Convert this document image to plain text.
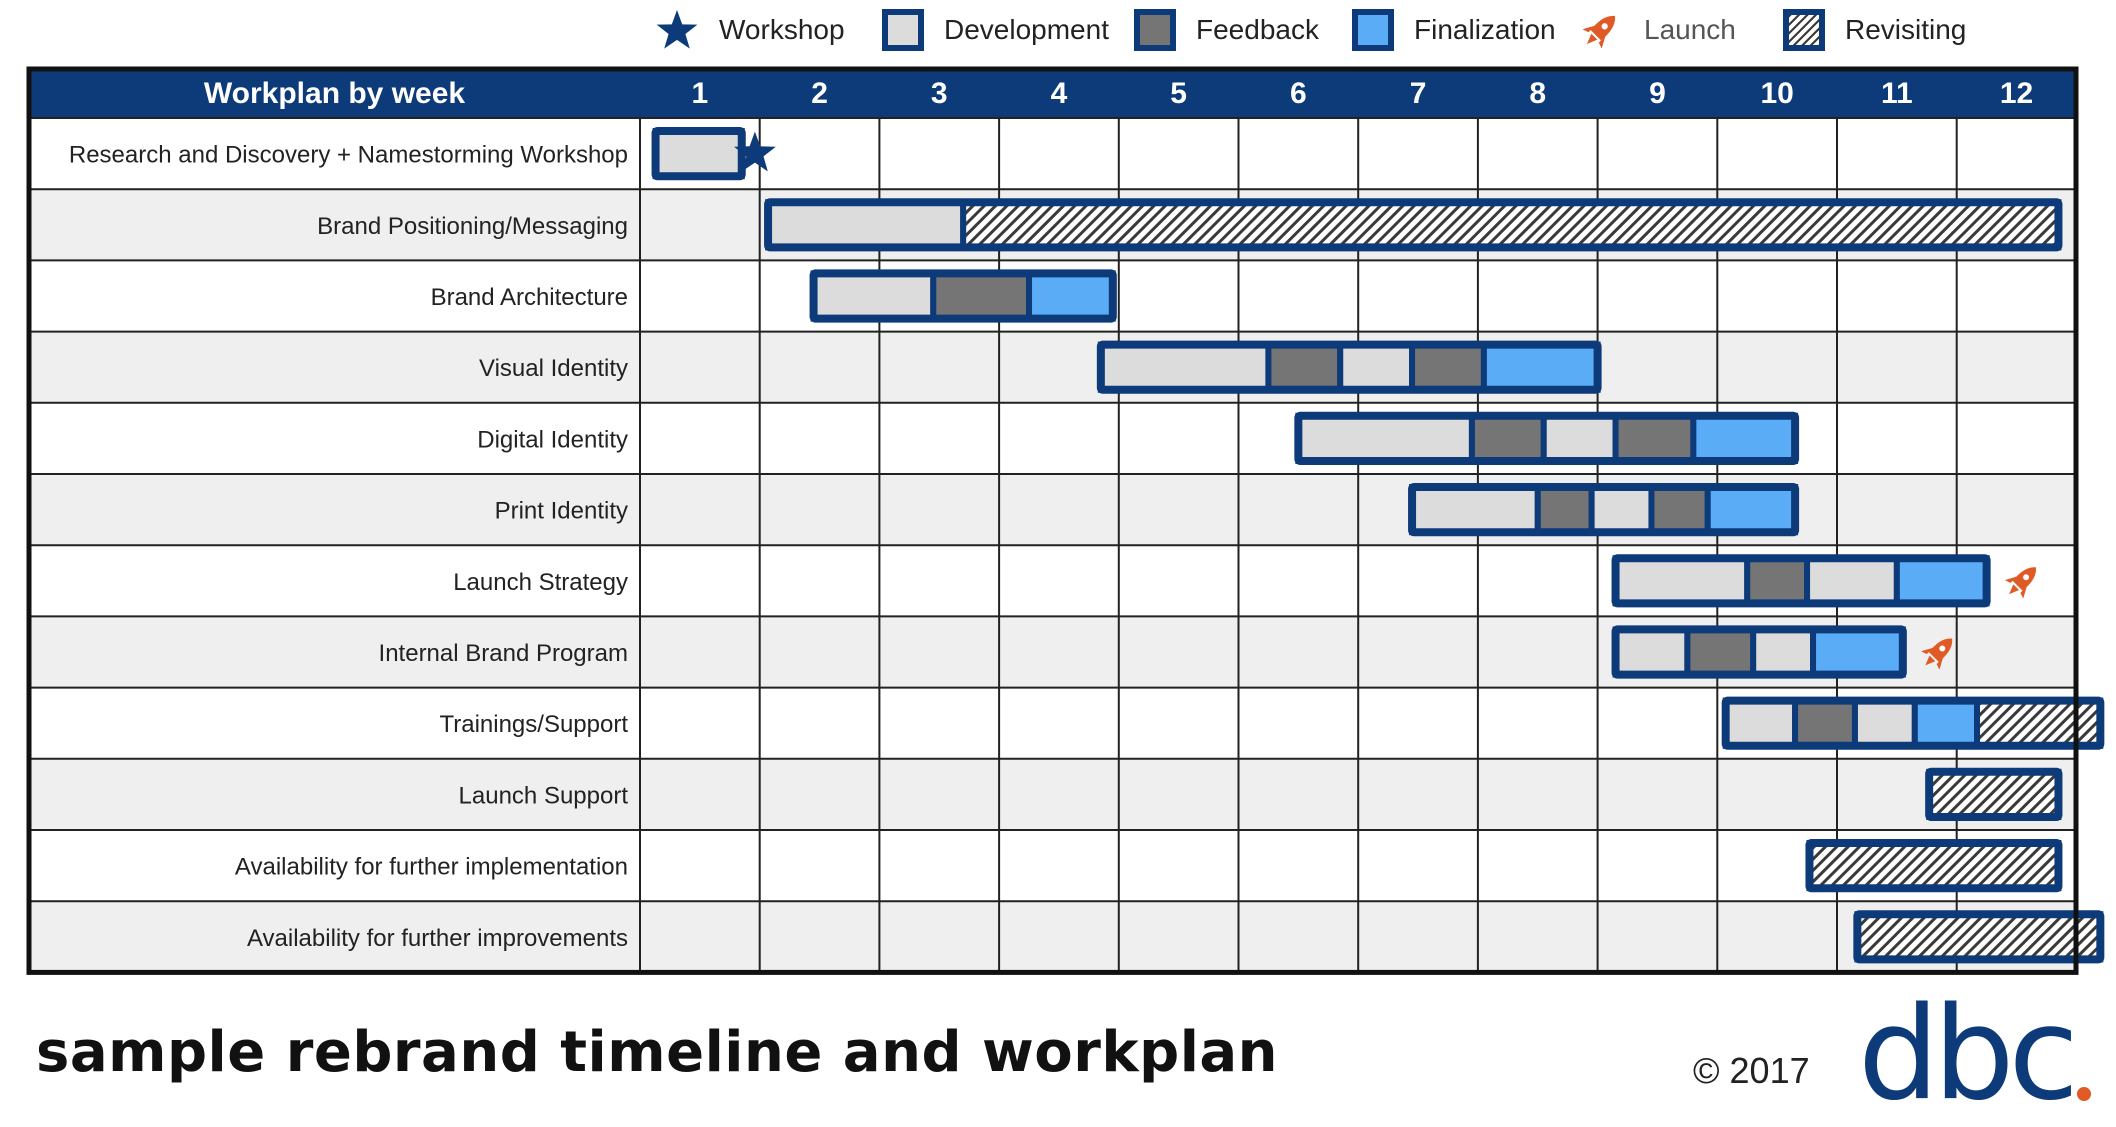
Workshop	Development	Feedback	Finalization	Launch	Revisiting
Workplan by week	1	2	3	4	5	6	7	8	9	10	11	12
Research and Discovery + Namestorming Workshop
Brand Positioning/Messaging
Brand Architecture
Visual Identity
Digital Identity
Print Identity
Launch Strategy
Internal Brand Program
Trainings/Support
Launch Support
Availability for further implementation
Availability for further improvements
sample rebrand timeline and workplan	© 2017 dbc
